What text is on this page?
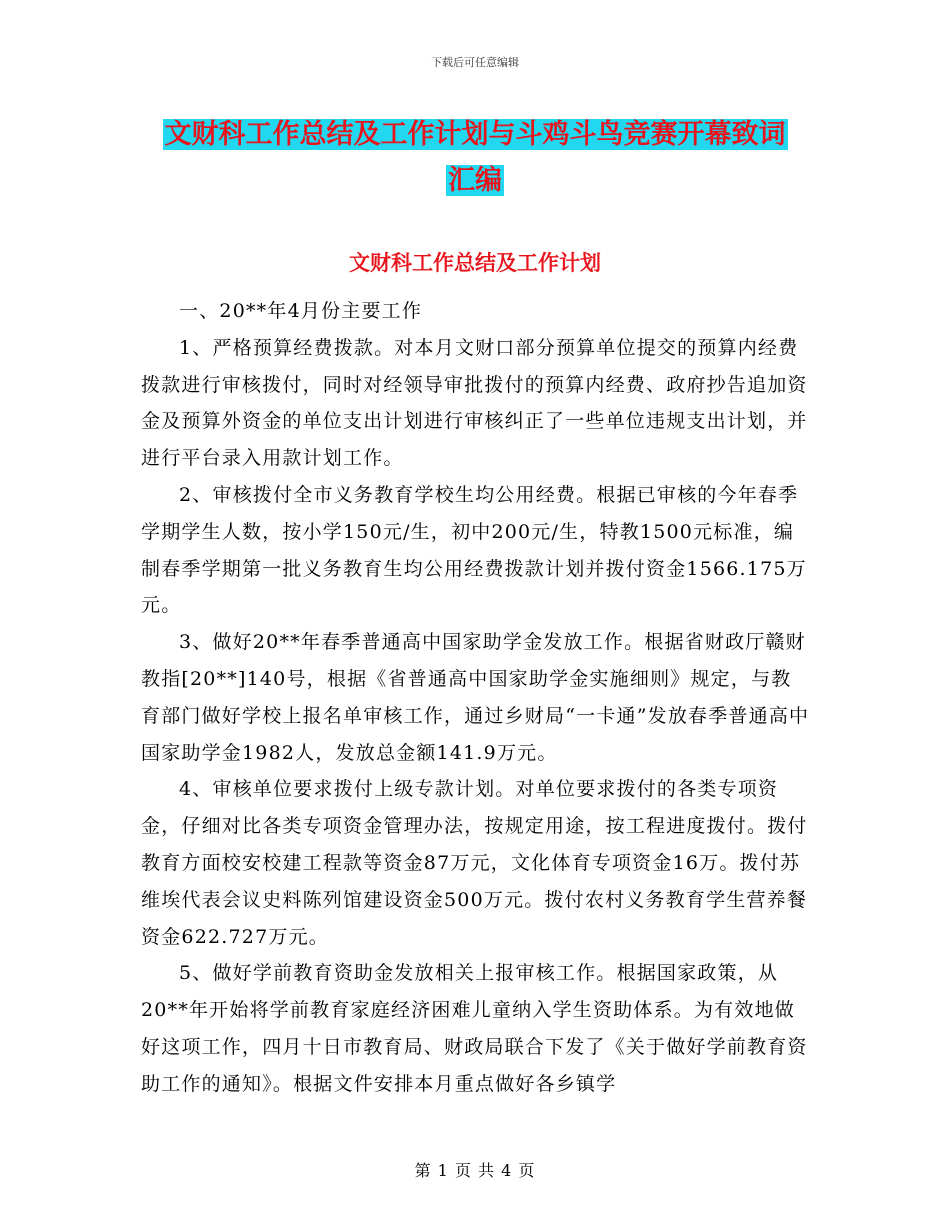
下载后可任意编辑
文财科工作总结及工作计划与斗鸡斗鸟竞赛开幕致词
汇编
文财科工作总结及工作计划

一、20**年4月份主要工作

1、严格预算经费拨款。对本月文财口部分预算单位提交的预算内经费拨款进行审核拨付，同时对经领导审批拨付的预算内经费、政府抄告追加资金及预算外资金的单位支出计划进行审核纠正了一些单位违规支出计划，并进行平台录入用款计划工作。

2、审核拨付全市义务教育学校生均公用经费。根据已审核的今年春季学期学生人数，按小学150元/生，初中200元/生，特教1500元标准，编制春季学期第一批义务教育生均公用经费拨款计划并拨付资金1566.175万元。

3、做好20**年春季普通高中国家助学金发放工作。根据省财政厅赣财教指[20**]140号，根据《省普通高中国家助学金实施细则》规定，与教育部门做好学校上报名单审核工作，通过乡财局“一卡通”发放春季普通高中国家助学金1982人，发放总金额141.9万元。

4、审核单位要求拨付上级专款计划。对单位要求拨付的各类专项资金，仔细对比各类专项资金管理办法，按规定用途，按工程进度拨付。拨付教育方面校安校建工程款等资金87万元，文化体育专项资金16万。拨付苏维埃代表会议史料陈列馆建设资金500万元。拨付农村义务教育学生营养餐资金622.727万元。

5、做好学前教育资助金发放相关上报审核工作。根据国家政策，从20**年开始将学前教育家庭经济困难儿童纳入学生资助体系。为有效地做好这项工作，四月十日市教育局、财政局联合下发了《关于做好学前教育资助工作的通知》。根据文件安排本月重点做好各乡镇学

第 1 页 共 4 页
